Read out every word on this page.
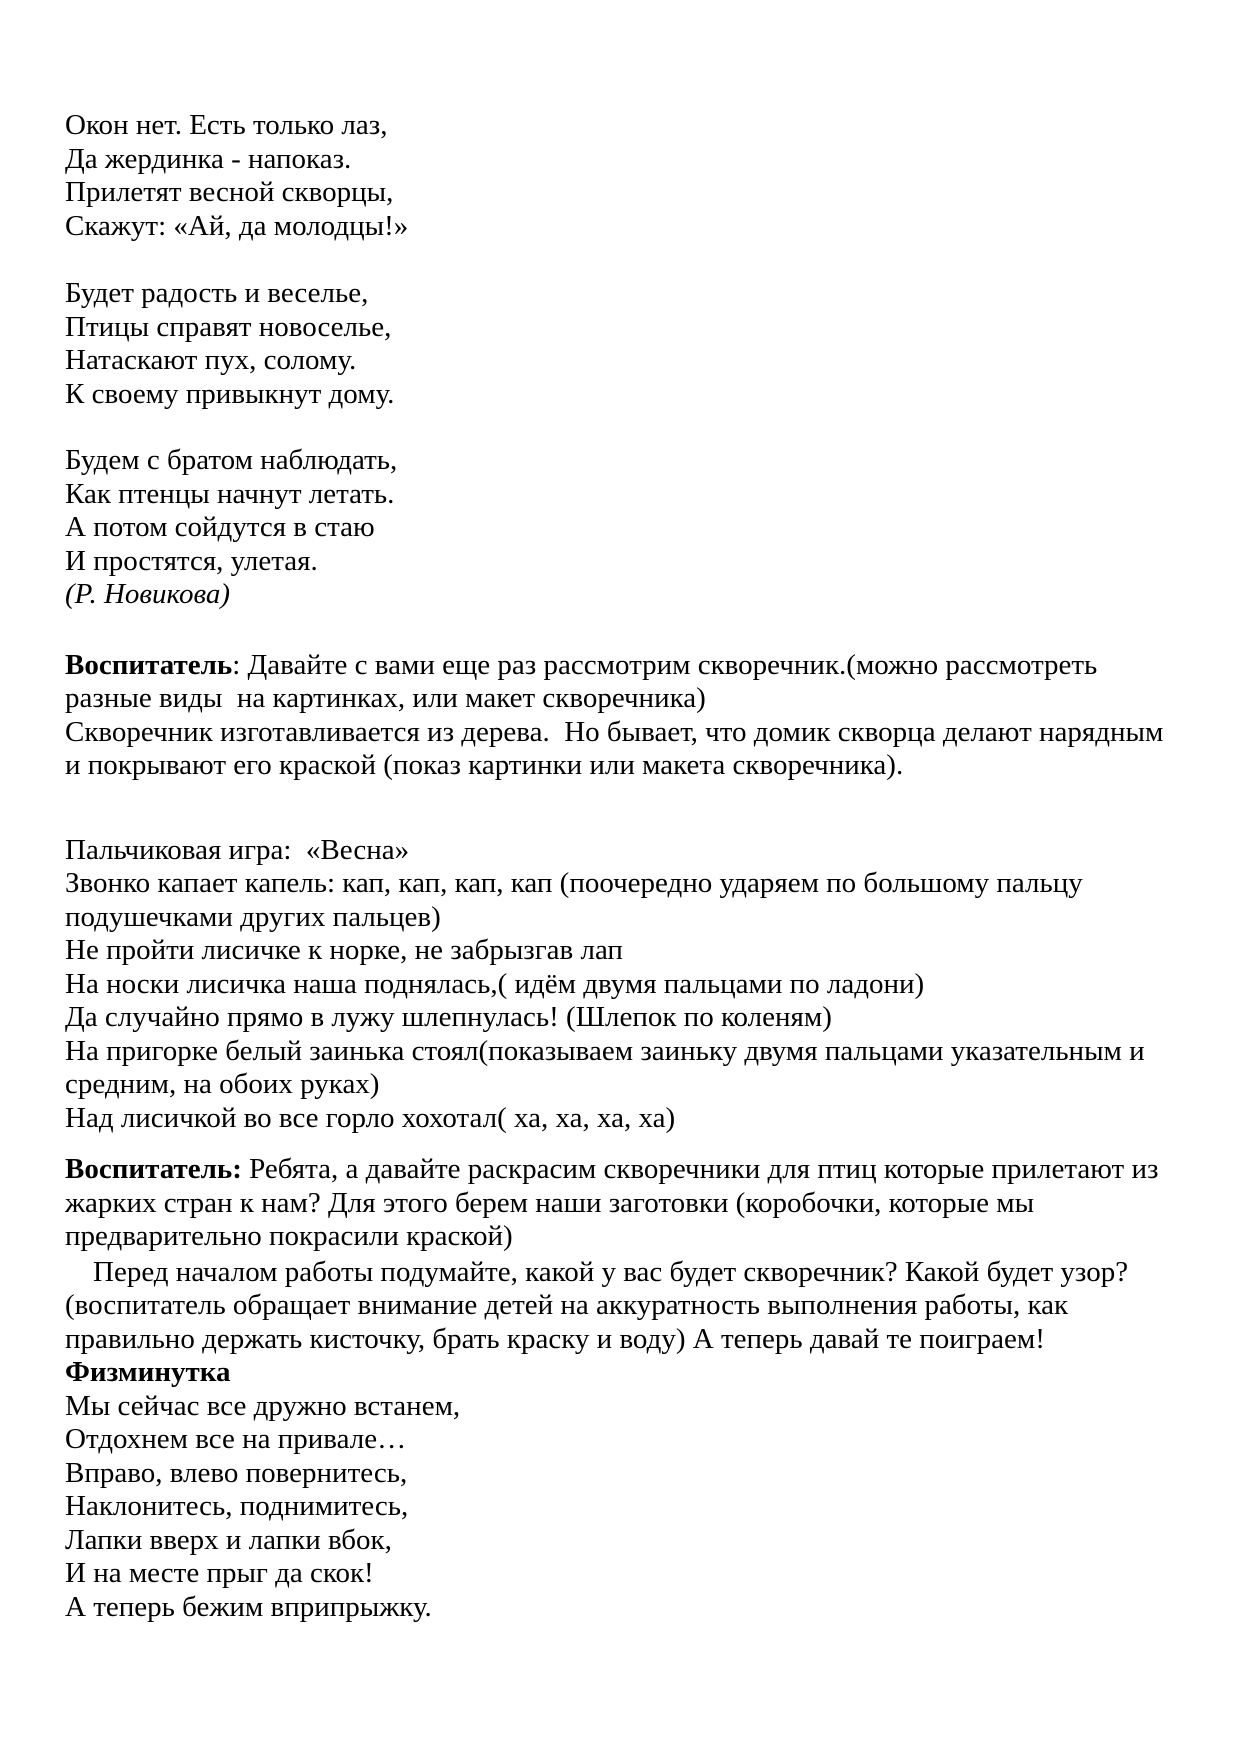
Окон нет. Есть только лаз,

Да жердинка - напоказ.

Прилетят весной скворцы,

Скажут: «Ай, да молодцы!»

Будет радость и веселье,

Птицы справят новоселье,

Натаскают пух, солому.

К своему привыкнут дому.

Будем с братом наблюдать,

Как птенцы начнут летать.

А потом сойдутся в стаю

И простятся, улетая.

(Р. Новикова)

Воспитатель: Давайте с вами еще раз рассмотрим скворечник.(можно рассмотреть разные виды  на картинках, или макет скворечника)

Скворечник изготавливается из дерева.  Но бывает, что домик скворца делают нарядным и покрывают его краской (показ картинки или макета скворечника).

Пальчиковая игра:  «Весна»

Звонко капает капель: кап, кап, кап, кап (поочередно ударяем по большому пальцу подушечками других пальцев)

Не пройти лисичке к норке, не забрызгав лап

На носки лисичка наша поднялась,( идём двумя пальцами по ладони)

Да случайно прямо в лужу шлепнулась! (Шлепок по коленям)

На пригорке белый заинька стоял(показываем заиньку двумя пальцами указательным и средним, на обоих руках)

Над лисичкой во все горло хохотал( ха, ха, ха, ха)

Воспитатель: Ребята, а давайте раскрасим скворечники для птиц которые прилетают из жарких стран к нам? Для этого берем наши заготовки (коробочки, которые мы предварительно покрасили краской)

Перед началом работы подумайте, какой у вас будет скворечник? Какой будет узор? (воспитатель обращает внимание детей на аккуратность выполнения работы, как правильно держать кисточку, брать краску и воду) А теперь давай те поиграем!

Физминутка

Мы сейчас все дружно встанем,

Отдохнем все на привале…

Вправо, влево повернитесь,

Наклонитесь, поднимитесь,

Лапки вверх и лапки вбок,

И на месте прыг да скок!

А теперь бежим вприпрыжку.
